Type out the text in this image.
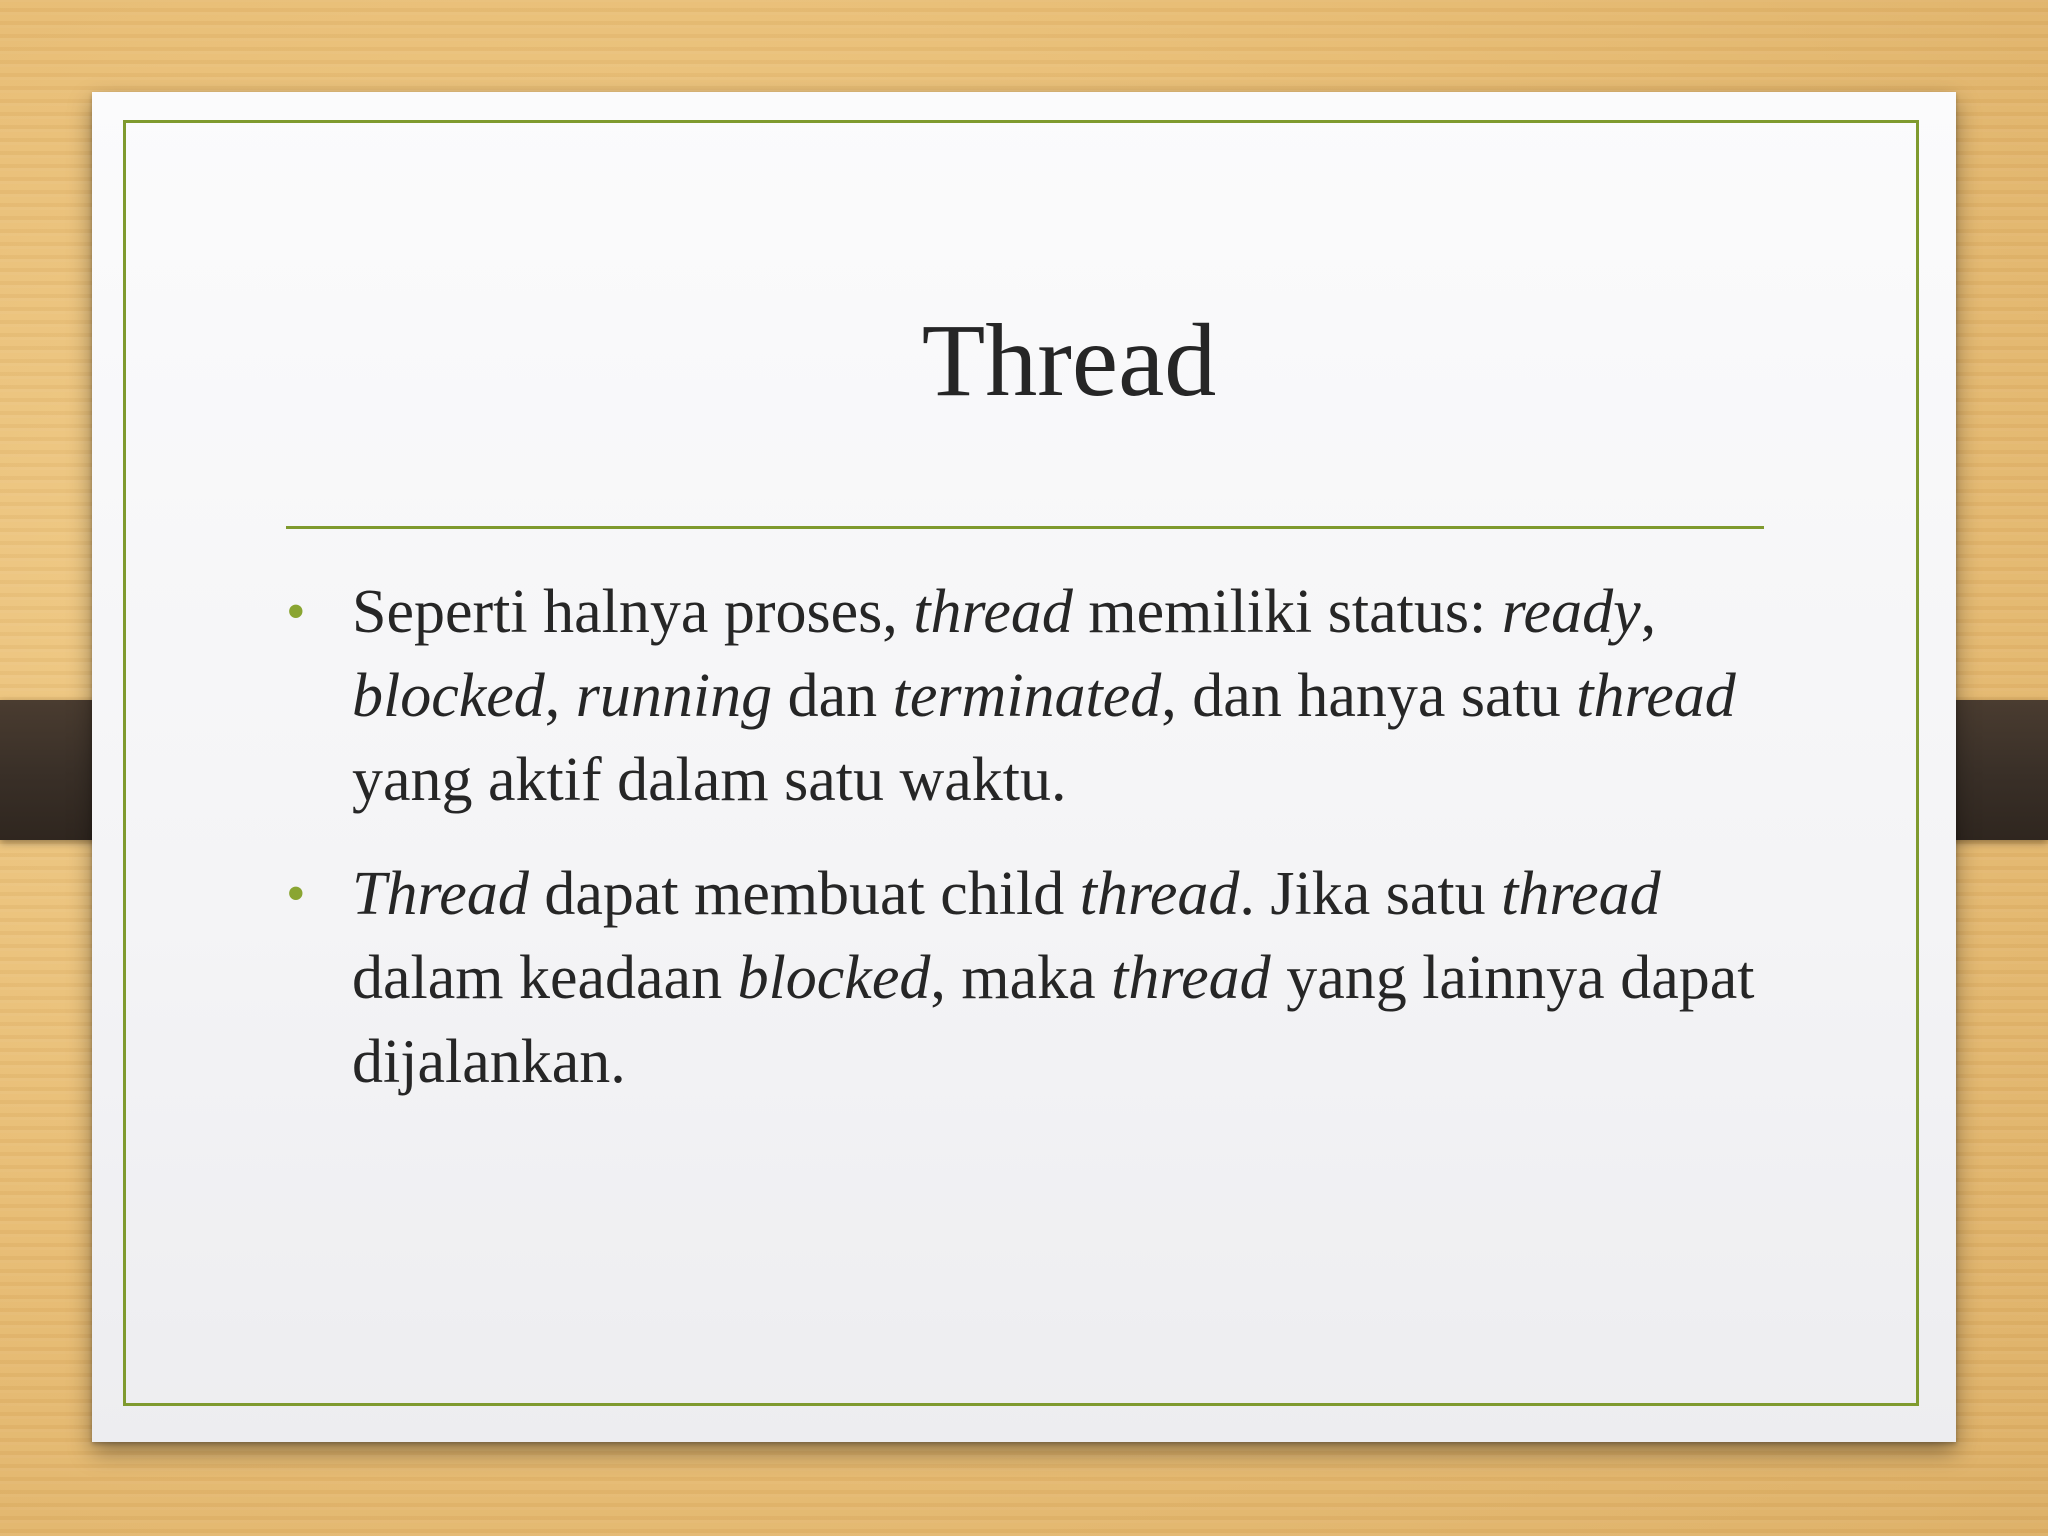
Thread
• Seperti halnya proses, thread memiliki status: ready, blocked, running dan terminated, dan hanya satu thread yang aktif dalam satu waktu.
• Thread dapat membuat child thread. Jika satu thread dalam keadaan blocked, maka thread yang lainnya dapat dijalankan.
